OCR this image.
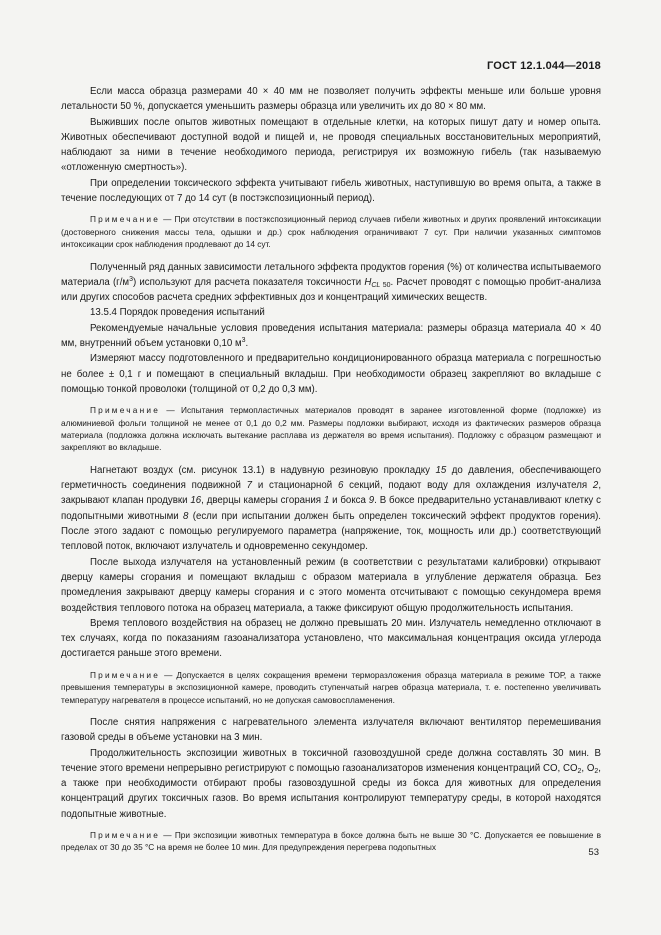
ГОСТ 12.1.044—2018

Если масса образца размерами 40 × 40 мм не позволяет получить эффекты меньше или больше уровня летальности 50 %, допускается уменьшить размеры образца или увеличить их до 80 × 80 мм.

Выживших после опытов животных помещают в отдельные клетки, на которых пишут дату и номер опыта. Животных обеспечивают доступной водой и пищей и, не проводя специальных восстановительных мероприятий, наблюдают за ними в течение необходимого периода, регистрируя их возможную гибель (так называемую «отложенную смертность»).

При определении токсического эффекта учитывают гибель животных, наступившую во время опыта, а также в течение последующих от 7 до 14 сут (в постэкспозиционный период).

Примечание — При отсутствии в постэкспозиционный период случаев гибели животных и других проявлений интоксикации (достоверного снижения массы тела, одышки и др.) срок наблюдения ограничивают 7 сут. При наличии указанных симптомов интоксикации срок наблюдения продлевают до 14 сут.

Полученный ряд данных зависимости летального эффекта продуктов горения (%) от количества испытываемого материала $(г/м^3)$ используют для расчета показателя токсичности $H_{CL 50}$. Расчет проводят с помощью пробит-анализа или других способов расчета средних эффективных доз и концентраций химических веществ.

13.5.4 Порядок проведения испытаний

Рекомендуемые начальные условия проведения испытания материала: размеры образца материала 40 × 40 мм, внутренний объем установки 0,10 $м^3$.

Измеряют массу подготовленного и предварительно кондиционированного образца материала с погрешностью не более ± 0,1 г и помещают в специальный вкладыш. При необходимости образец закрепляют во вкладыше с помощью тонкой проволоки (толщиной от 0,2 до 0,3 мм).

Примечание — Испытания термопластичных материалов проводят в заранее изготовленной форме (подложке) из алюминиевой фольги толщиной не менее от 0,1 до 0,2 мм. Размеры подложки выбирают, исходя из фактических размеров образца материала (подложка должна исключать вытекание расплава из держателя во время испытания). Подложку с образцом размещают и закрепляют во вкладыше.

Нагнетают воздух (см. рисунок 13.1) в надувную резиновую прокладку 15 до давления, обеспечивающего герметичность соединения подвижной 7 и стационарной 6 секций, подают воду для охлаждения излучателя 2, закрывают клапан продувки 16, дверцы камеры сгорания 1 и бокса 9. В боксе предварительно устанавливают клетку с подопытными животными 8 (если при испытании должен быть определен токсический эффект продуктов горения). После этого задают с помощью регулируемого параметра (напряжение, ток, мощность или др.) соответствующий тепловой поток, включают излучатель и одновременно секундомер.

После выхода излучателя на установленный режим (в соответствии с результатами калибровки) открывают дверцу камеры сгорания и помещают вкладыш с образом материала в углубление держателя образца. Без промедления закрывают дверцу камеры сгорания и с этого момента отсчитывают с помощью секундомера время воздействия теплового потока на образец материала, а также фиксируют общую продолжительность испытания.

Время теплового воздействия на образец не должно превышать 20 мин. Излучатель немедленно отключают в тех случаях, когда по показаниям газоанализатора установлено, что максимальная концентрация оксида углерода достигается раньше этого времени.

Примечание — Допускается в целях сокращения времени терморазложения образца материала в режиме ТОР, а также превышения температуры в экспозиционной камере, проводить ступенчатый нагрев образца материала, т. е. постепенно увеличивать температуру нагревателя в процессе испытаний, но не допуская самовоспламенения.

После снятия напряжения с нагревательного элемента излучателя включают вентилятор перемешивания газовой среды в объеме установки на 3 мин.

Продолжительность экспозиции животных в токсичной газовоздушной среде должна составлять 30 мин. В течение этого времени непрерывно регистрируют с помощью газоанализаторов изменения концентраций CO, $CO_2$, $O_2$, а также при необходимости отбирают пробы газовоздушной среды из бокса для животных для определения концентраций других токсичных газов. Во время испытания контролируют температуру среды, в которой находятся подопытные животные.

Примечание — При экспозиции животных температура в боксе должна быть не выше 30 °С. Допускается ее повышение в пределах от 30 до 35 °С на время не более 10 мин. Для предупреждения перегрева подопытных	53
